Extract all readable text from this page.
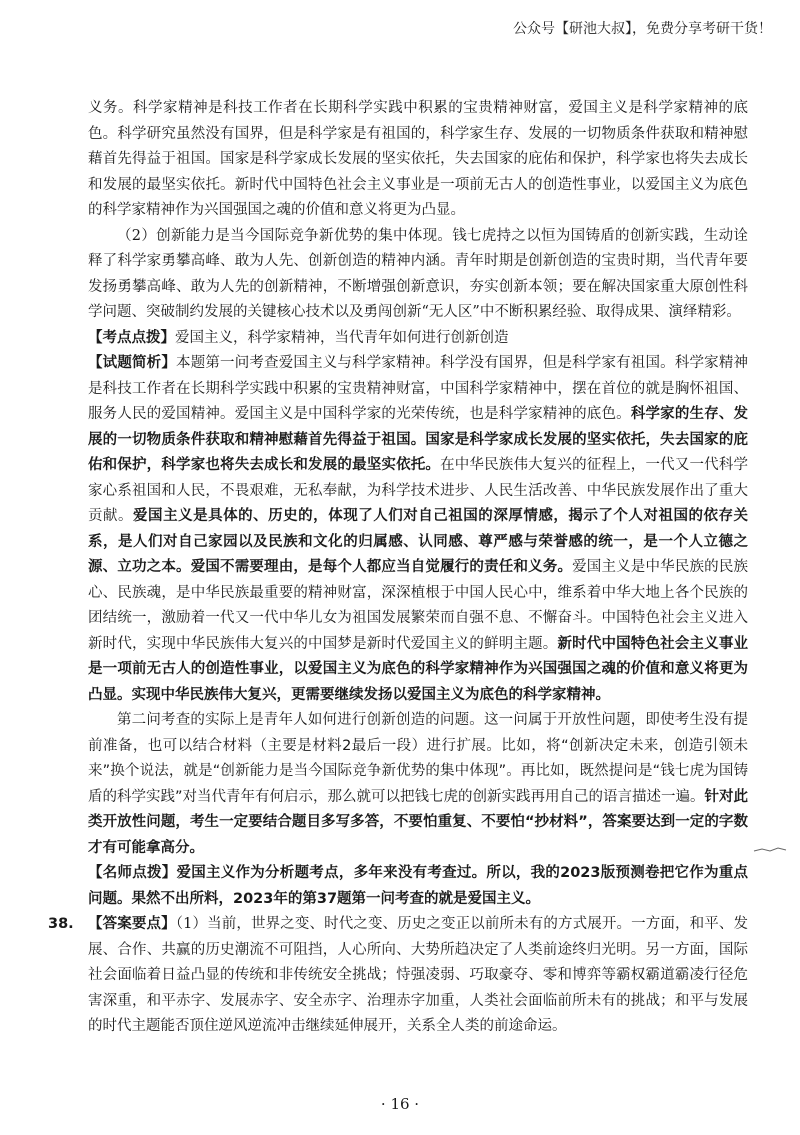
公众号【研池大叔】，免费分享考研干货！

义务。科学家精神是科技工作者在长期科学实践中积累的宝贵精神财富，爱国主义是科学家精神的底色。科学研究虽然没有国界，但是科学家是有祖国的，科学家生存、发展的一切物质条件获取和精神慰藉首先得益于祖国。国家是科学家成长发展的坚实依托，失去国家的庇佑和保护，科学家也将失去成长和发展的最坚实依托。新时代中国特色社会主义事业是一项前无古人的创造性事业，以爱国主义为底色的科学家精神作为兴国强国之魂的价值和意义将更为凸显。

（2）创新能力是当今国际竞争新优势的集中体现。钱七虎持之以恒为国铸盾的创新实践，生动诠释了科学家勇攀高峰、敢为人先、创新创造的精神内涵。青年时期是创新创造的宝贵时期，当代青年要发扬勇攀高峰、敢为人先的创新精神，不断增强创新意识，夯实创新本领；要在解决国家重大原创性科学问题、突破制约发展的关键核心技术以及勇闯创新“无人区”中不断积累经验、取得成果、演绎精彩。

【考点点拨】爱国主义，科学家精神，当代青年如何进行创新创造

【试题简析】本题第一问考查爱国主义与科学家精神。科学没有国界，但是科学家有祖国。科学家精神是科技工作者在长期科学实践中积累的宝贵精神财富，中国科学家精神中，摆在首位的就是胸怀祖国、服务人民的爱国精神。爱国主义是中国科学家的光荣传统，也是科学家精神的底色。科学家的生存、发展的一切物质条件获取和精神慰藉首先得益于祖国。国家是科学家成长发展的坚实依托，失去国家的庇佑和保护，科学家也将失去成长和发展的最坚实依托。在中华民族伟大复兴的征程上，一代又一代科学家心系祖国和人民，不畏艰难，无私奉献，为科学技术进步、人民生活改善、中华民族发展作出了重大贡献。爱国主义是具体的、历史的，体现了人们对自己祖国的深厚情感，揭示了个人对祖国的依存关系，是人们对自己家园以及民族和文化的归属感、认同感、尊严感与荣誉感的统一，是一个人立德之源、立功之本。爱国不需要理由，是每个人都应当自觉履行的责任和义务。爱国主义是中华民族的民族心、民族魂，是中华民族最重要的精神财富，深深植根于中国人民心中，维系着中华大地上各个民族的团结统一，激励着一代又一代中华儿女为祖国发展繁荣而自强不息、不懈奋斗。中国特色社会主义进入新时代，实现中华民族伟大复兴的中国梦是新时代爱国主义的鲜明主题。新时代中国特色社会主义事业是一项前无古人的创造性事业，以爱国主义为底色的科学家精神作为兴国强国之魂的价值和意义将更为凸显。实现中华民族伟大复兴，更需要继续发扬以爱国主义为底色的科学家精神。

第二问考查的实际上是青年人如何进行创新创造的问题。这一问属于开放性问题，即使考生没有提前准备，也可以结合材料（主要是材料2最后一段）进行扩展。比如，将“创新决定未来，创造引领未来”换个说法，就是“创新能力是当今国际竞争新优势的集中体现”。再比如，既然提问是“钱七虎为国铸盾的科学实践”对当代青年有何启示，那么就可以把钱七虎的创新实践再用自己的语言描述一遍。针对此类开放性问题，考生一定要结合题目多写多答，不要怕重复、不要怕“抄材料”，答案要达到一定的字数才有可能拿高分。

【名师点拨】爱国主义作为分析题考点，多年来没有考查过。所以，我的2023版预测卷把它作为重点问题。果然不出所料，2023年的第37题第一问考查的就是爱国主义。

38. 【答案要点】（1）当前，世界之变、时代之变、历史之变正以前所未有的方式展开。一方面，和平、发展、合作、共赢的历史潮流不可阻挡，人心所向、大势所趋决定了人类前途终归光明。另一方面，国际社会面临着日益凸显的传统和非传统安全挑战；恃强凌弱、巧取豪夺、零和博弈等霸权霸道霸凌行径危害深重，和平赤字、发展赤字、安全赤字、治理赤字加重，人类社会面临前所未有的挑战；和平与发展的时代主题能否顶住逆风逆流冲击继续延伸展开，关系全人类的前途命运。

· 16 ·
